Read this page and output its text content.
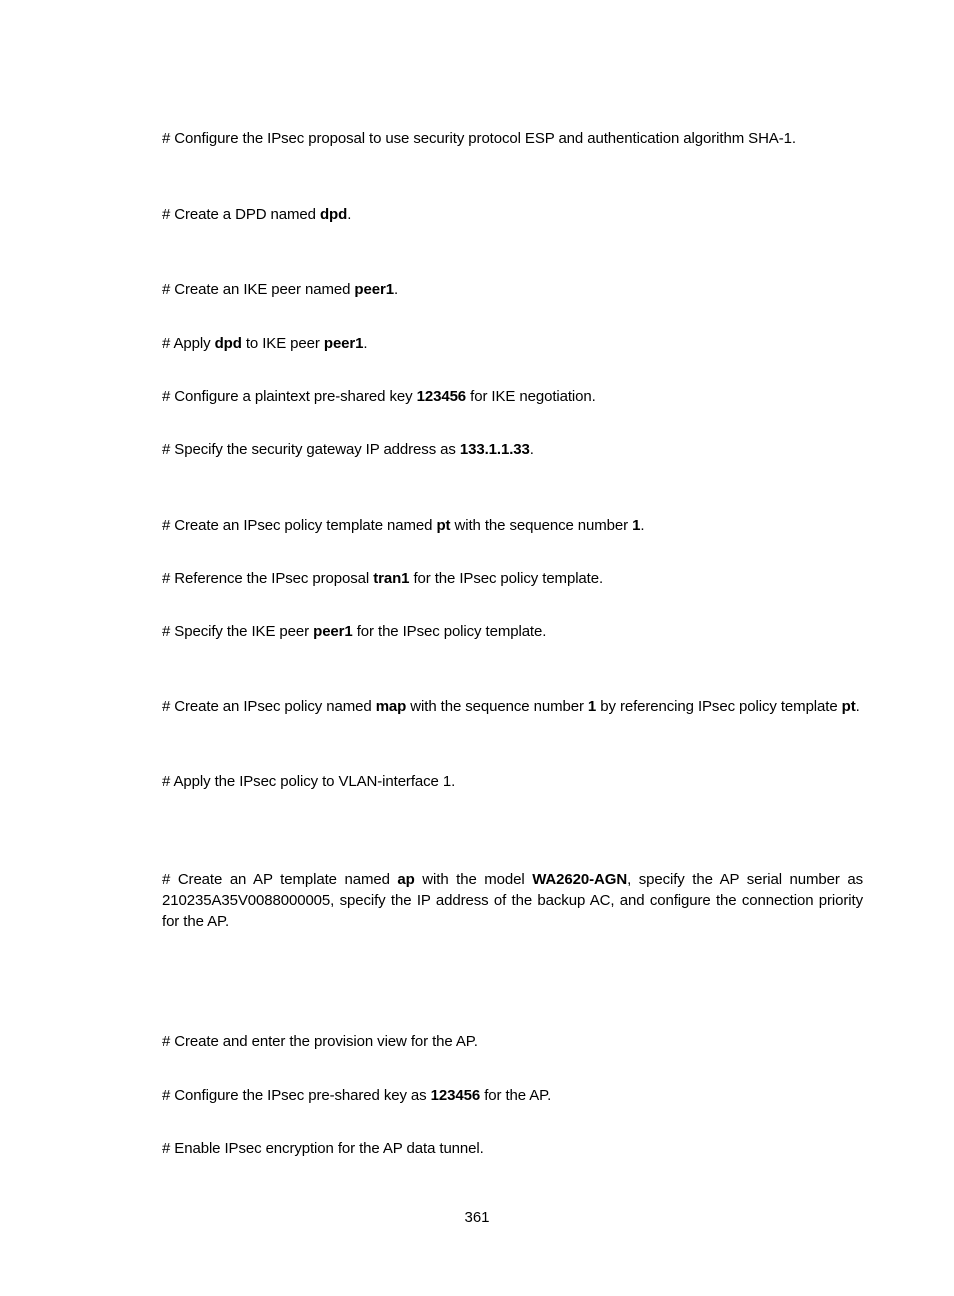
# Configure the IPsec proposal to use security protocol ESP and authentication algorithm SHA-1.

# Create a DPD named dpd.

# Create an IKE peer named peer1.

# Apply dpd to IKE peer peer1.

# Configure a plaintext pre-shared key 123456 for IKE negotiation.

# Specify the security gateway IP address as 133.1.1.33.

# Create an IPsec policy template named pt with the sequence number 1.

# Reference the IPsec proposal tran1 for the IPsec policy template.

# Specify the IKE peer peer1 for the IPsec policy template.

# Create an IPsec policy named map with the sequence number 1 by referencing IPsec policy template pt.

# Apply the IPsec policy to VLAN-interface 1.

# Create an AP template named ap with the model WA2620-AGN, specify the AP serial number as 210235A35V0088000005, specify the IP address of the backup AC, and configure the connection priority for the AP.

# Create and enter the provision view for the AP.

# Configure the IPsec pre-shared key as 123456 for the AP.

# Enable IPsec encryption for the AP data tunnel.

361
